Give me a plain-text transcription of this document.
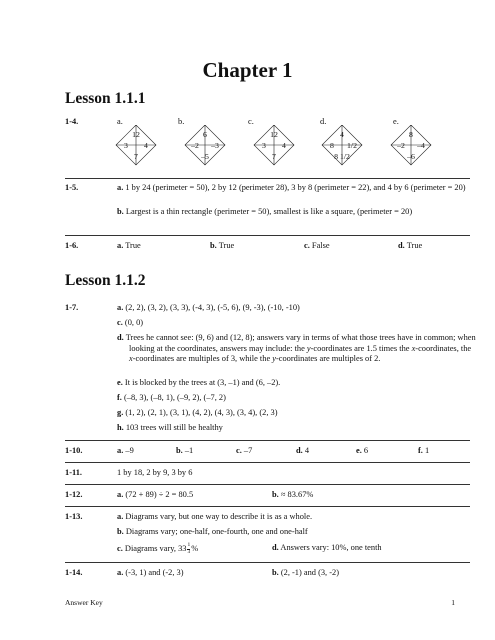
Chapter 1
Lesson 1.1.1
1-4.	a.	b.	c.	d.	e.
12
3 4
7
6
–2 –3
–5
12
3 4
7
4
8 1/2
8 1/2
8
–2 –4
–6
1-5.	a. 1 by 24 (perimeter = 50), 2 by 12 (perimeter 28), 3 by 8 (perimeter = 22), and 4 by 6 (perimeter = 20)
b. Largest is a thin rectangle (perimeter = 50), smallest is like a square, (perimeter = 20)
1-6.	a. True	b. True	c. False	d. True
Lesson 1.1.2
1-7.	a. (2, 2), (3, 2), (3, 3), (-4, 3), (-5, 6), (9, -3), (-10, -10)
c. (0, 0)
d. Trees he cannot see: (9, 6) and (12, 8); answers vary in terms of what those trees have in common; when looking at the coordinates, answers may include: the y-coordinates are 1.5 times the x-coordinates, the x-coordinates are multiples of 3, while the y-coordinates are multiples of 2.
e. It is blocked by the trees at (3, –1) and (6, –2).
f. (–8, 3), (–8, 1), (–9, 2), (–7, 2)
g. (1, 2), (2, 1), (3, 1), (4, 2), (4, 3), (3, 4), (2, 3)
h. 103 trees will still be healthy
1-10.	a. –9	b. –1	c. –7	d. 4	e. 6	f. 1
1-11.	1 by 18, 2 by 9, 3 by 6
1-12.	a. (72 + 89) ÷ 2 = 80.5	b. ≈ 83.67%
1-13.	a. Diagrams vary, but one way to describe it is as a whole.
b. Diagrams vary; one-half, one-fourth, one and one-half
c. Diagrams vary, $33 \frac{1}{3}$ %	d. Answers vary: 10%, one tenth
1-14.	a. (-3, 1) and (-2, 3)	b. (2, -1) and (3, -2)
Answer Key	1
